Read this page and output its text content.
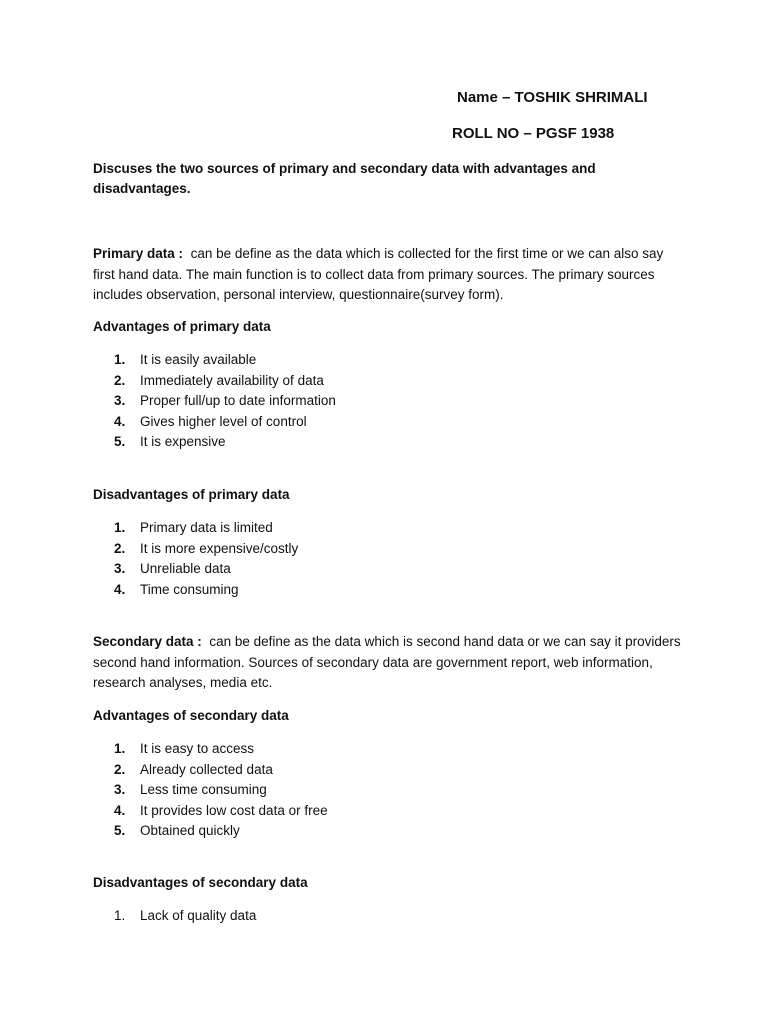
Name – TOSHIK SHRIMALI
ROLL NO – PGSF 1938
Discuses the two sources of primary and secondary data with advantages and disadvantages.
Primary data : can be define as the data which is collected for the first time or we can also say first hand data. The main function is to collect data from primary sources. The primary sources includes observation, personal interview, questionnaire(survey form).
Advantages of primary data
1. It is easily available
2. Immediately availability of data
3. Proper full/up to date information
4. Gives higher level of control
5. It is expensive
Disadvantages of primary data
1. Primary data is limited
2. It is more expensive/costly
3. Unreliable data
4. Time consuming
Secondary data : can be define as the data which is second hand data or we can say it providers second hand information. Sources of secondary data are government report, web information, research analyses, media etc.
Advantages of secondary data
1. It is easy to access
2. Already collected data
3. Less time consuming
4. It provides low cost data or free
5. Obtained quickly
Disadvantages of secondary data
1. Lack of quality data
